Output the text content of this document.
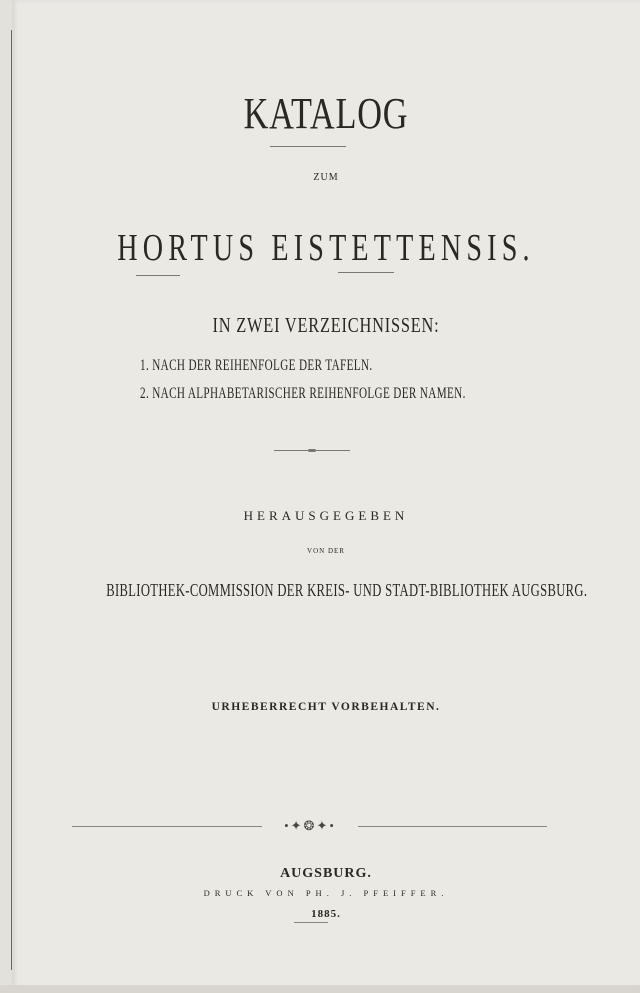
KATALOG
ZUM
HORTUS EISTETTENSIS.
IN ZWEI VERZEICHNISSEN:
1. NACH DER REIHENFOLGE DER TAFELN.
2. NACH ALPHABETARISCHER REIHENFOLGE DER NAMEN.
HERAUSGEGEBEN
VON DER
BIBLIOTHEK-COMMISSION DER KREIS- UND STADT-BIBLIOTHEK AUGSBURG.
URHEBERRECHT VORBEHALTEN.
•✦❂✦•
AUGSBURG.
DRUCK VON PH. J. PFEIFFER.
1885.
